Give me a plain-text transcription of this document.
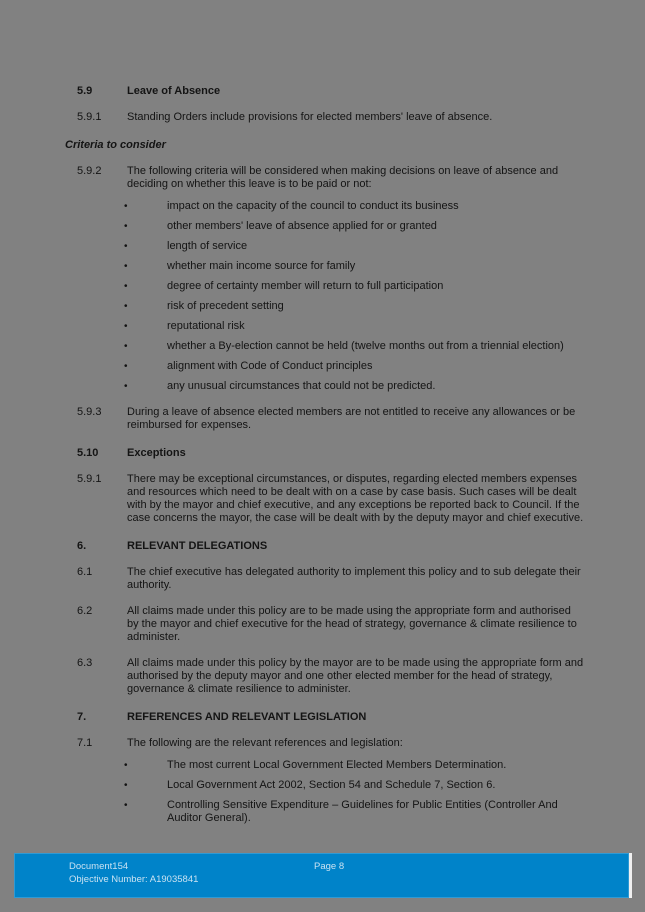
5.9	Leave of Absence
5.9.1	Standing Orders include provisions for elected members' leave of absence.
Criteria to consider
5.9.2	The following criteria will be considered when making decisions on leave of absence and deciding on whether this leave is to be paid or not:
•	impact on the capacity of the council to conduct its business
•	other members' leave of absence applied for or granted
•	length of service
•	whether main income source for family
•	degree of certainty member will return to full participation
•	risk of precedent setting
•	reputational risk
•	whether a By-election cannot be held (twelve months out from a triennial election)
•	alignment with Code of Conduct principles
•	any unusual circumstances that could not be predicted.
5.9.3	During a leave of absence elected members are not entitled to receive any allowances or be reimbursed for expenses.
5.10	Exceptions
5.9.1	There may be exceptional circumstances, or disputes, regarding elected members expenses and resources which need to be dealt with on a case by case basis. Such cases will be dealt with by the mayor and chief executive, and any exceptions be reported back to Council. If the case concerns the mayor, the case will be dealt with by the deputy mayor and chief executive.
6.	RELEVANT DELEGATIONS
6.1	The chief executive has delegated authority to implement this policy and to sub delegate their authority.
6.2	All claims made under this policy are to be made using the appropriate form and authorised by the mayor and chief executive for the head of strategy, governance & climate resilience to administer.
6.3	All claims made under this policy by the mayor are to be made using the appropriate form and authorised by the deputy mayor and one other elected member for the head of strategy, governance & climate resilience to administer.
7.	REFERENCES AND RELEVANT LEGISLATION
7.1	The following are the relevant references and legislation:
•	The most current Local Government Elected Members Determination.
•	Local Government Act 2002, Section 54 and Schedule 7, Section 6.
•	Controlling Sensitive Expenditure – Guidelines for Public Entities (Controller And Auditor General).
Document154
Objective Number: A19035841
Page 8
